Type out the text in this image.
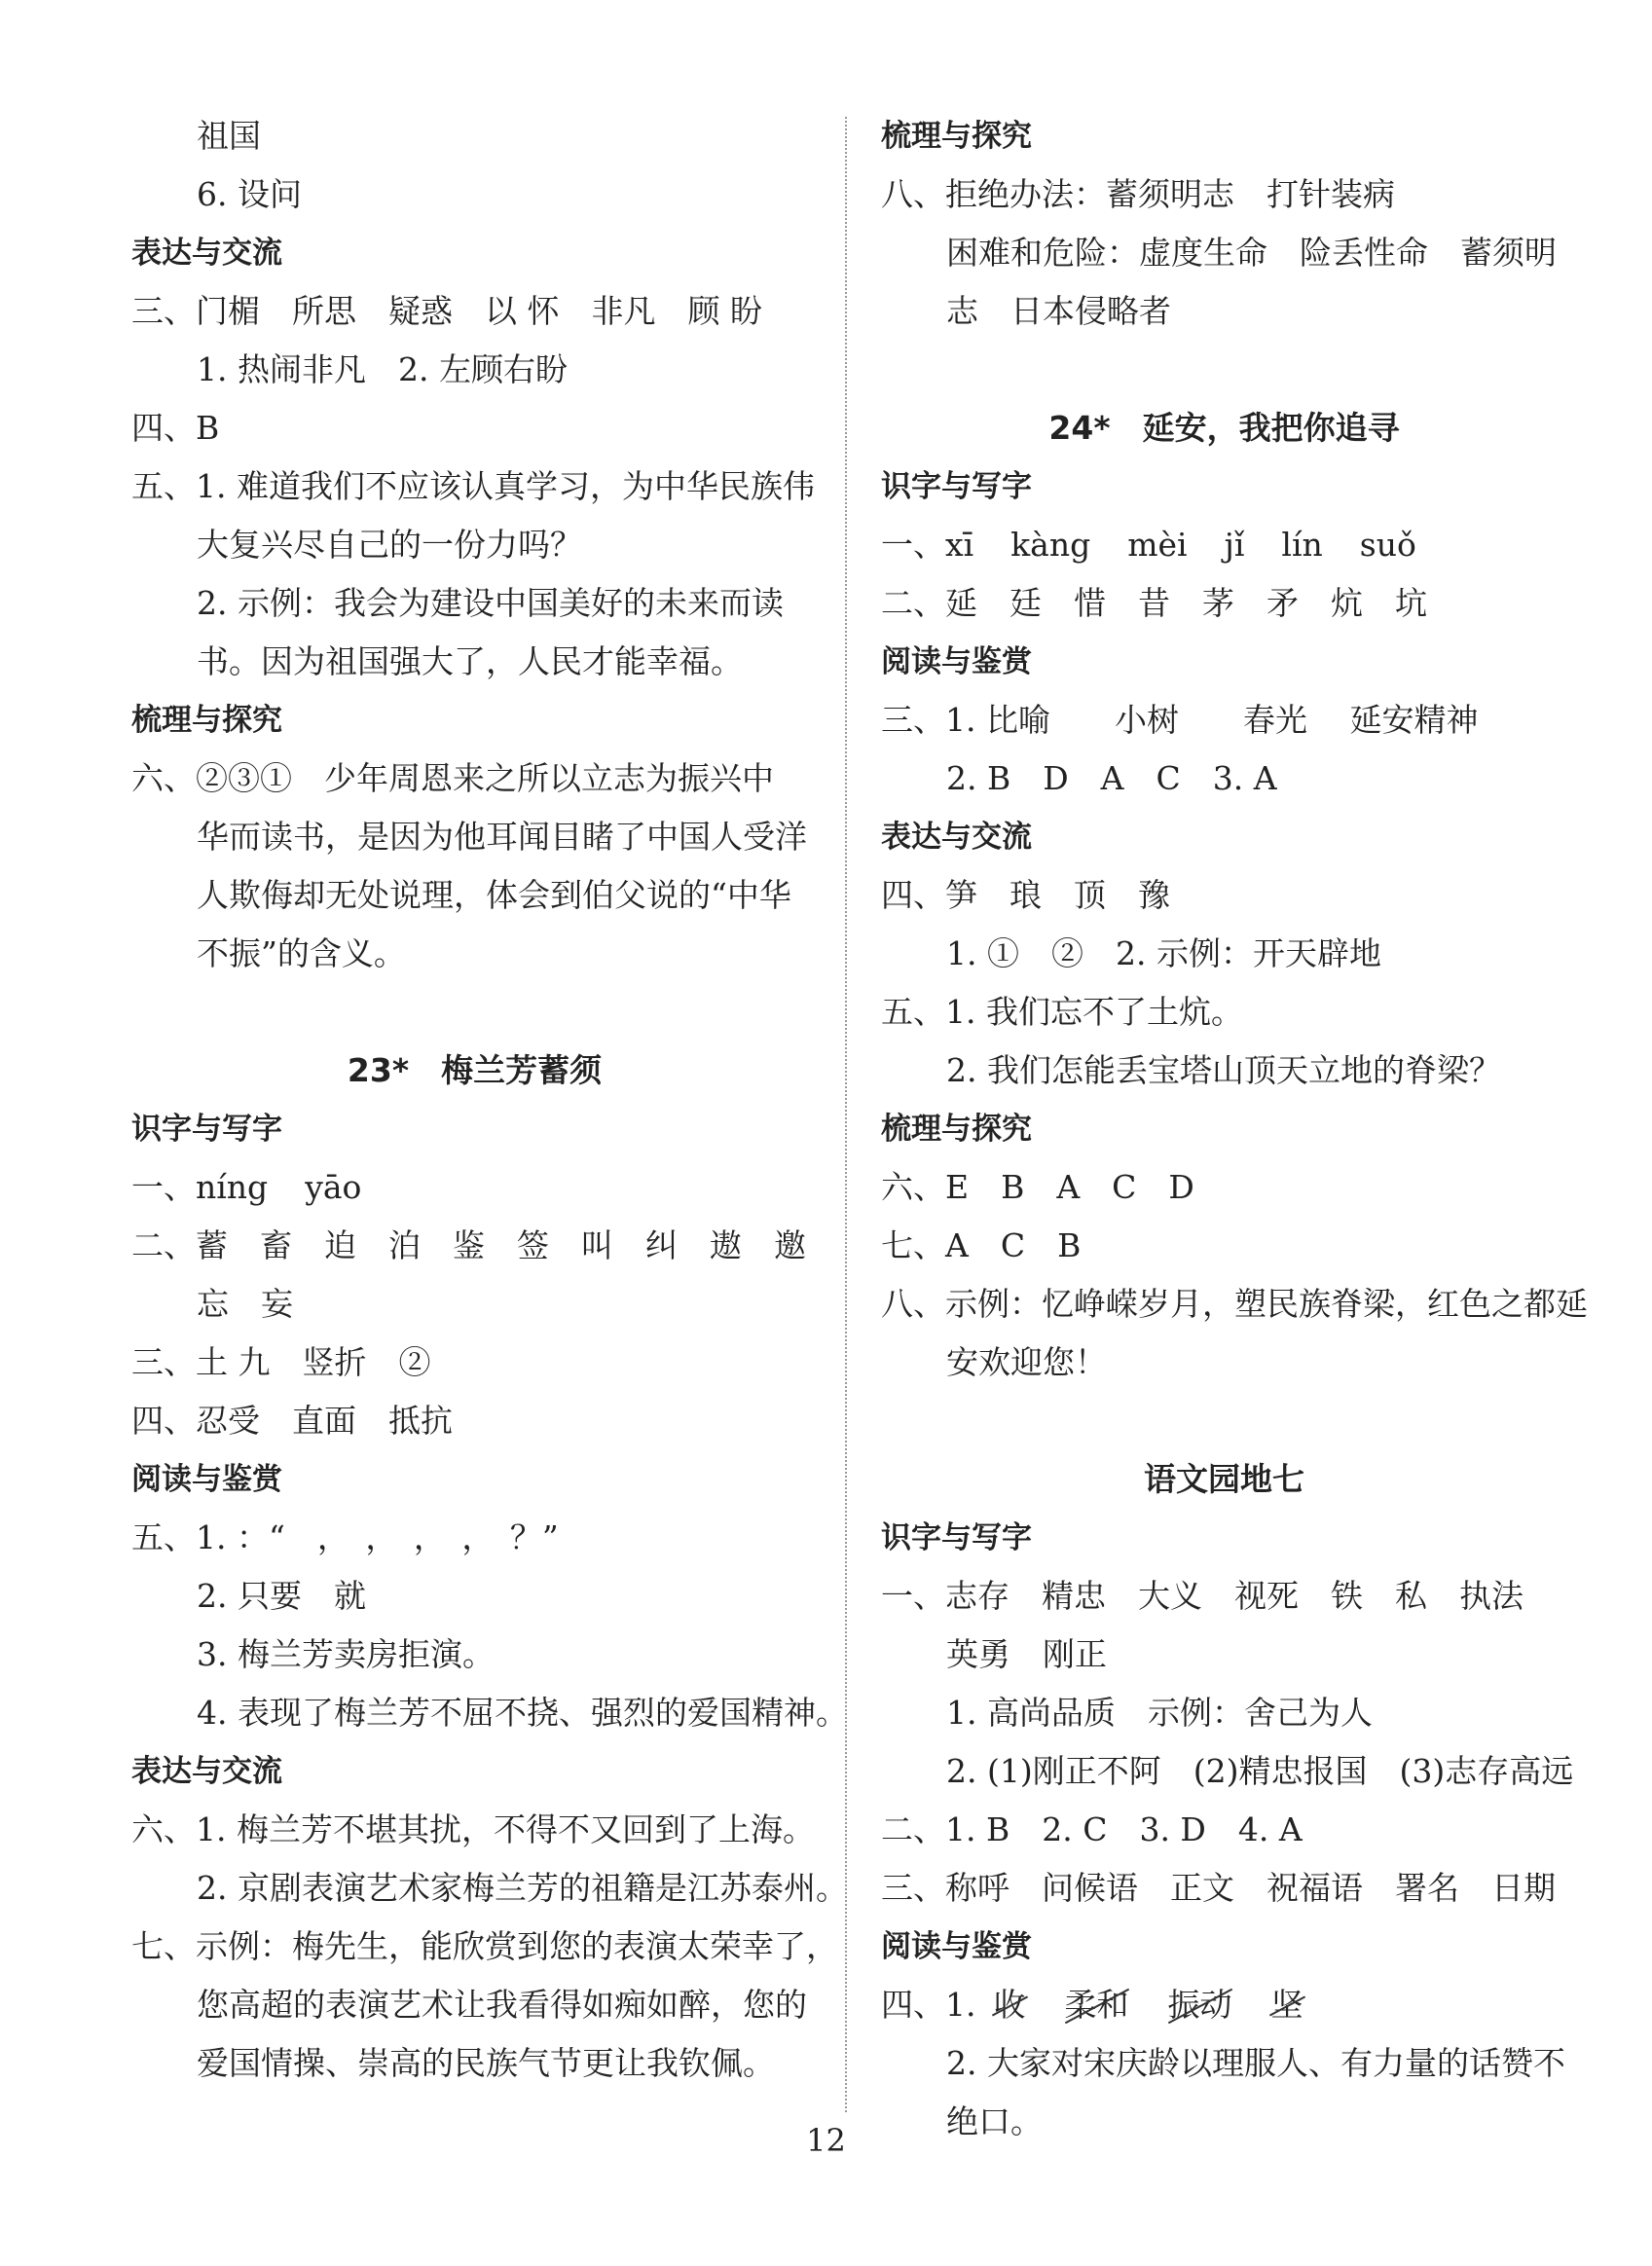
祖国
6. 设问
表达与交流
三、门楣　所思　疑惑　以 怀　非凡　顾 盼
1. 热闹非凡　2. 左顾右盼
四、B
五、1. 难道我们不应该认真学习，为中华民族伟
大复兴尽自己的一份力吗？
2. 示例：我会为建设中国美好的未来而读
书。因为祖国强大了，人民才能幸福。
梳理与探究
六、②③①　少年周恩来之所以立志为振兴中
华而读书，是因为他耳闻目睹了中国人受洋
人欺侮却无处说理，体会到伯父说的“中华
不振”的含义。
23*　梅兰芳蓄须
识字与写字
一、níng yāo
二、蓄　畜　迫　泊　鉴　签　叫　纠　遨　邀
忘　妄
三、土 九　竖折　②
四、忍受　直面　抵抗
阅读与鉴赏
五、1. ：“　，　，　，　，　？”
2. 只要　就
3. 梅兰芳卖房拒演。
4. 表现了梅兰芳不屈不挠、强烈的爱国精神。
表达与交流
六、1. 梅兰芳不堪其扰，不得不又回到了上海。
2. 京剧表演艺术家梅兰芳的祖籍是江苏泰州。
七、示例：梅先生，能欣赏到您的表演太荣幸了，
您高超的表演艺术让我看得如痴如醉，您的
爱国情操、崇高的民族气节更让我钦佩。
梳理与探究
八、拒绝办法：蓄须明志　打针装病
困难和危险：虚度生命　险丢性命　蓄须明
志　日本侵略者
24*　延安，我把你追寻
识字与写字
一、xī kàng mèi jǐ lín suǒ
二、延　廷　惜　昔　茅　矛　炕　坑
阅读与鉴赏
三、1. 比喻　　小树　　春光　 延安精神
2. B　D　A　C　3. A
表达与交流
四、笋　琅　顶　豫
1. ①　②　2. 示例：开天辟地
五、1. 我们忘不了土炕。
2. 我们怎能丢宝塔山顶天立地的脊梁？
梳理与探究
六、E　B　A　C　D
七、A　C　B
八、示例：忆峥嵘岁月，塑民族脊梁，红色之都延
安欢迎您！
语文园地七
识字与写字
一、志存　精忠　大义　视死　铁　私　执法
英勇　刚正
1. 高尚品质　示例：舍己为人
2. (1)刚正不阿　(2)精忠报国　(3)志存高远
二、1. B　2. C　3. D　4. A
三、称呼　问候语　正文　祝福语　署名　日期
阅读与鉴赏
四、1. 收 柔和 振动 坚
2. 大家对宋庆龄以理服人、有力量的话赞不
绝口。
12
